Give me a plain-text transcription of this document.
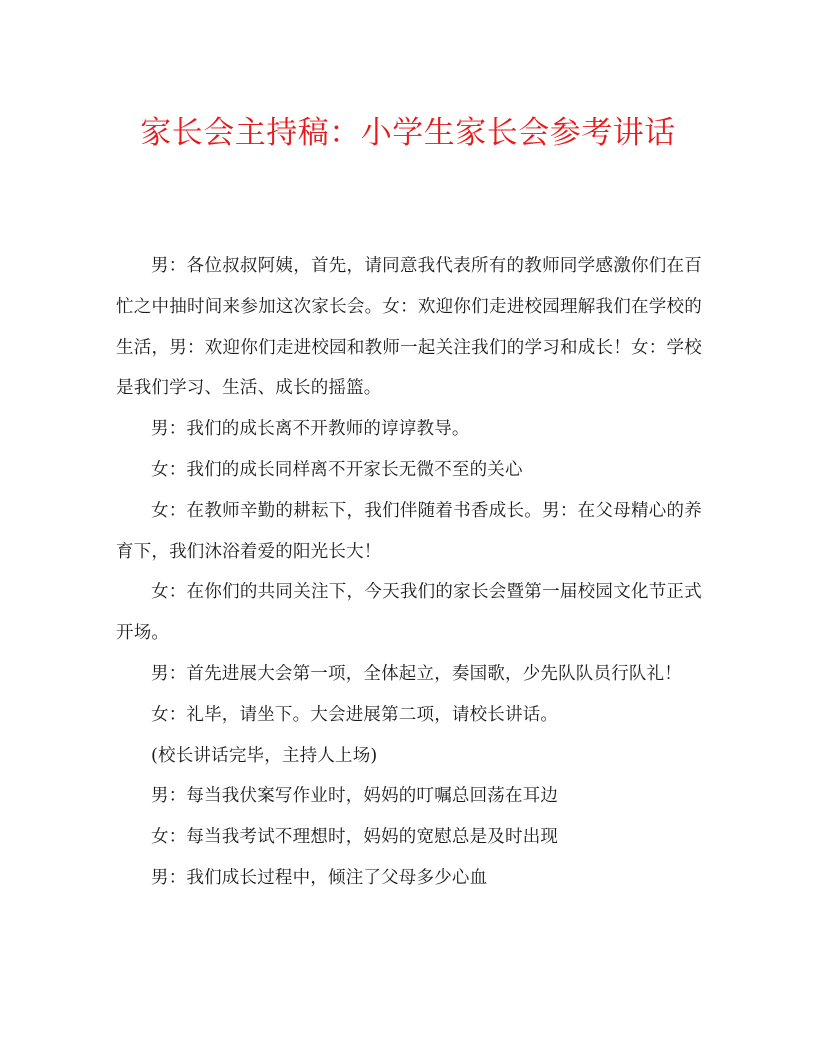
家长会主持稿：小学生家长会参考讲话

男：各位叔叔阿姨，首先，请同意我代表所有的教师同学感激你们在百忙之中抽时间来参加这次家长会。女：欢迎你们走进校园理解我们在学校的生活，男：欢迎你们走进校园和教师一起关注我们的学习和成长！女：学校是我们学习、生活、成长的摇篮。

男：我们的成长离不开教师的谆谆教导。

女：我们的成长同样离不开家长无微不至的关心

女：在教师辛勤的耕耘下，我们伴随着书香成长。男：在父母精心的养育下，我们沐浴着爱的阳光长大！

女：在你们的共同关注下，今天我们的家长会暨第一届校园文化节正式开场。

男：首先进展大会第一项，全体起立，奏国歌，少先队队员行队礼！

女：礼毕，请坐下。大会进展第二项，请校长讲话。

(校长讲话完毕，主持人上场)

男：每当我伏案写作业时，妈妈的叮嘱总回荡在耳边

女：每当我考试不理想时，妈妈的宽慰总是及时出现

男：我们成长过程中，倾注了父母多少心血
